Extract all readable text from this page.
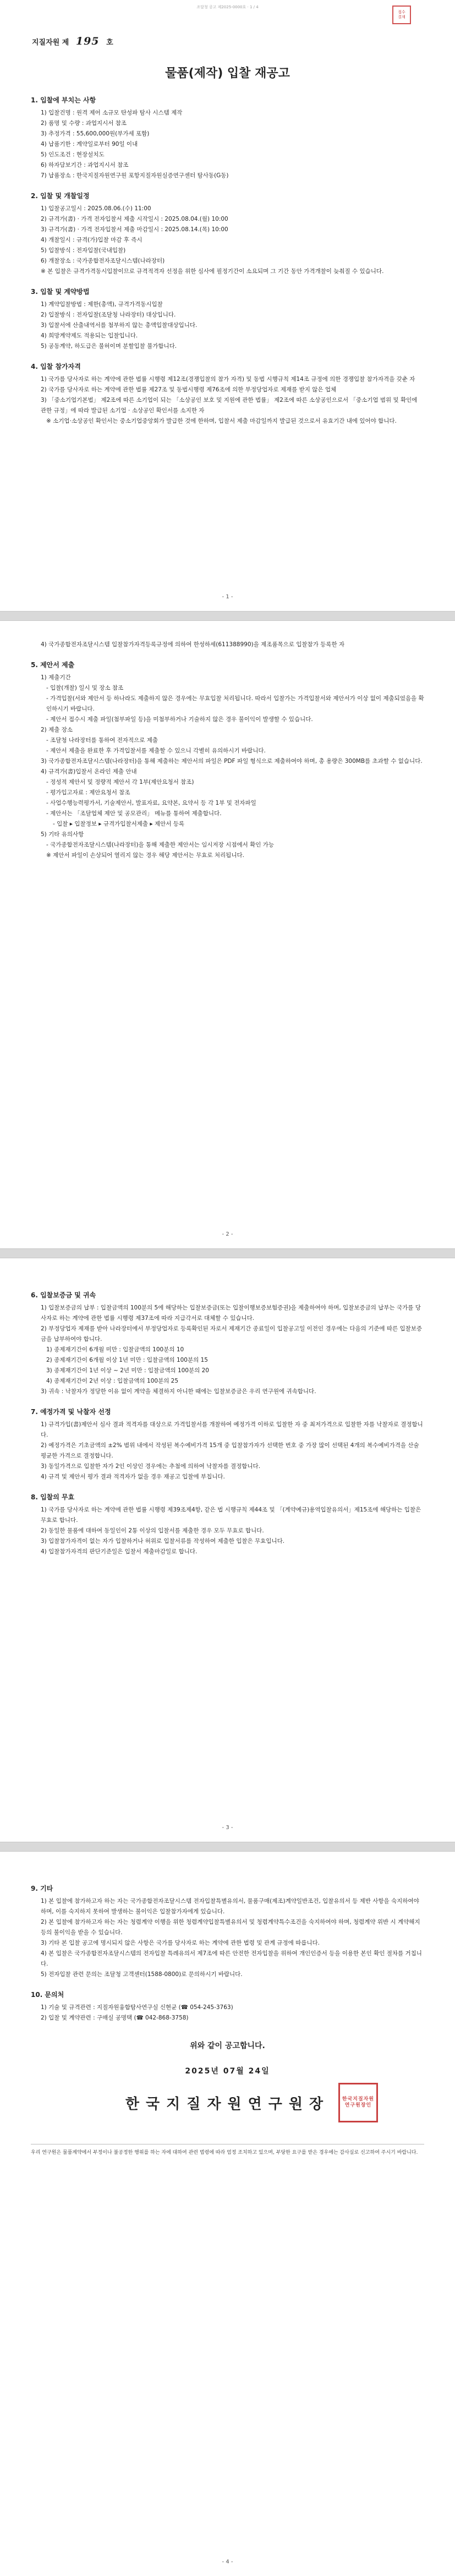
조달청 공고 제2025-0000호 · 1 / 4
접수
결재
지질자원 제 195 호
물품(제작) 입찰 재공고
1. 입찰에 부치는 사항
1) 입찰건명 : 원격 제어 소규모 탄성파 탐사 시스템 제작
2) 품명 및 수량 : 과업지시서 참조
3) 추정가격 : 55,600,000원(부가세 포함)
4) 납품기한 : 계약일로부터 90일 이내
5) 인도조건 : 현장설치도
6) 하자담보기간 : 과업지시서 참조
7) 납품장소 : 한국지질자원연구원 포항지질자원실증연구센터 탐사동(G동)
2. 입찰 및 개찰일정
1) 입찰공고일시 : 2025.08.06.(수) 11:00
2) 규격가(書) · 가격 전자입찰서 제출 시작일시 : 2025.08.04.(월) 10:00
3) 규격가(書) · 가격 전자입찰서 제출 마감일시 : 2025.08.14.(목) 10:00
4) 개찰일시 : 규격(가)입찰 마감 후 즉시
5) 입찰방식 : 전자입찰(국내입찰)
6) 개찰장소 : 국가종합전자조달시스템(나라장터)
※ 본 입찰은 규격가격동시입찰이므로 규격적격자 선정을 위한 심사에 필정기간이 소요되며 그 기간 동안 가격개찰이 늦춰질 수 있습니다.
3. 입찰 및 계약방법
1) 계약입찰방법 : 제한(총액), 규격가격동시입찰
2) 입찰방식 : 전자입찰(조달청 나라장터) 대상입니다.
3) 입찰서에 산출내역서를 첨부하지 않는 총액입찰대상입니다.
4) 희망계약제도 적용되는 입찰입니다.
5) 공동계약, 하도급은 불허이며 분할입찰 불가합니다.
4. 입찰 참가자격
1) 국가를 당사자로 하는 계약에 관한 법률 시행령 제12조(경쟁입찰의 참가 자격) 및 동법 시행규칙 제14조 규정에 의한 경쟁입찰 참가자격을 갖춘 자
2) 국가를 당사자로 하는 계약에 관한 법률 제27조 및 동법시행령 제76조에 의한 부정당업자로 제재를 받지 않은 업체
3) 「중소기업기본법」 제2조에 따른 소기업이 되는 「소상공인 보호 및 지원에 관한 법률」 제2조에 따른 소상공인으로서 「중소기업 범위 및 확인에 관한 규정」에 따라 발급된 소기업 · 소상공인 확인서를 소지한 자
※ 소기업·소상공인 확인서는 중소기업중앙회가 발급한 것에 한하며, 입찰서 제출 마감일까지 발급된 것으로서 유효기간 내에 있어야 합니다.
- 1 -
4) 국가종합전자조달시스템 입찰참가자격등록규정에 의하여 한성하세(611388990)을 제조품목으로 입찰참가 등록한 자
5. 제안서 제출
1) 제출기간
- 입찰(개찰) 일시 및 장소 참조
- 가격입찰(서와 제안서 등 하나라도 제출하지 않은 경우에는 무효입찰 처리됩니다. 따라서 입찰가는 가격입찰서와 제안서가 이상 없이 제출되었음을 확인하시기 바랍니다.
- 제안서 접수시 제출 파일(첨부파일 등)을 미첨부하거나 기술하지 않은 경우 불이익이 발생할 수 있습니다.
2) 제출 장소
- 조달청 나라장터를 통하여 전자적으로 제출
- 제안서 제출을 완료한 후 가격입찰서를 제출할 수 있으니 각별히 유의하시기 바랍니다.
3) 국가종합전자조달시스템(나라장터)을 통해 제출하는 제안서의 파일은 PDF 파일 형식으로 제출하여야 하며, 총 용량은 300MB를 초과할 수 없습니다.
4) 규격가(書)입찰서 온라인 제출 안내
- 정성적 제안서 및 정량적 제안서 각 1부(제안요청서 참조)
- 평가입고자료 : 제안요청서 참조
- 사업수행능력평가서, 기술제안서, 발표자료, 요약본, 요약서 등 각 1부 및 전자파일
- 제안서는 「조달업체 제안 및 공모관리」 메뉴를 통하여 제출합니다.
- 입찰 ▸ 입찰정보 ▸ 규격가입찰서제출 ▸ 제안서 등록
5) 기타 유의사항
- 국가종합전자조달시스템(나라장터)을 통해 제출한 제안서는 임시저장 시점에서 확인 가능
※ 제안서 파일이 손상되어 열리지 않는 경우 해당 제안서는 무효로 처리됩니다.
- 2 -
6. 입찰보증금 및 귀속
1) 입찰보증금의 납부 : 입찰금액의 100분의 5에 해당하는 입찰보증금(또는 입찰이행보증보험증권)을 제출하여야 하며, 입찰보증금의 납부는 국가를 당사자로 하는 계약에 관한 법률 시행령 제37조에 따라 지급각서로 대체할 수 있습니다.
2) 부정당업자 제재를 받아 나라장터에서 부정당업자로 등록확인된 자로서 제재기간 종료일이 입찰공고일 이전인 경우에는 다음의 기준에 따른 입찰보증금을 납부하여야 합니다.
1) 종제재기간이 6개월 미만 : 입찰금액의 100분의 10
2) 종제재기간이 6개월 이상 1년 미만 : 입찰금액의 100분의 15
3) 종제재기간이 1년 이상 ~ 2년 미만 : 입찰금액의 100분의 20
4) 종제재기간이 2년 이상 : 입찰금액의 100분의 25
3) 귀속 : 낙찰자가 정당한 이유 없이 계약을 체결하지 아니한 때에는 입찰보증금은 우리 연구원에 귀속합니다.
7. 예정가격 및 낙찰자 선정
1) 규격가입(書)제안서 심사 결과 적격자를 대상으로 가격입찰서를 개찰하여 예정가격 이하로 입찰한 자 중 최저가격으로 입찰한 자를 낙찰자로 결정합니다.
2) 예정가격은 기초금액의 ±2% 범위 내에서 작성된 복수예비가격 15개 중 입찰참가자가 선택한 번호 중 가장 많이 선택된 4개의 복수예비가격을 산술평균한 가격으로 결정합니다.
3) 동일가격으로 입찰한 자가 2인 이상인 경우에는 추첨에 의하여 낙찰자를 결정합니다.
4) 규격 및 제안서 평가 결과 적격자가 없을 경우 재공고 입찰에 부칩니다.
8. 입찰의 무효
1) 국가를 당사자로 하는 계약에 관한 법률 시행령 제39조제4항, 같은 법 시행규칙 제44조 및 「(계약예규)용역입찰유의서」제15조에 해당하는 입찰은 무효로 합니다.
2) 동일한 물품에 대하여 동일인이 2통 이상의 입찰서를 제출한 경우 모두 무효로 합니다.
3) 입찰참가자격이 없는 자가 입찰하거나 허위로 입찰서류를 작성하여 제출한 입찰은 무효입니다.
4) 입찰참가자격의 판단기준일은 입찰서 제출마감일로 합니다.
- 3 -
9. 기타
1) 본 입찰에 참가하고자 하는 자는 국가종합전자조달시스템 전자입찰특별유의서, 물품구매(제조)계약일반조건, 입찰유의서 등 제반 사항을 숙지하여야 하며, 이를 숙지하지 못하여 발생하는 불이익은 입찰참가자에게 있습니다.
2) 본 입찰에 참가하고자 하는 자는 청렴계약 이행을 위한 청렴계약입찰특별유의서 및 청렴계약특수조건을 숙지하여야 하며, 청렴계약 위반 시 계약해지 등의 불이익을 받을 수 있습니다.
3) 기타 본 입찰 공고에 명시되지 않은 사항은 국가를 당사자로 하는 계약에 관한 법령 및 관계 규정에 따릅니다.
4) 본 입찰은 국가종합전자조달시스템의 전자입찰 특례유의서 제7조에 따른 안전한 전자입찰을 위하여 개인인증서 등을 이용한 본인 확인 절차를 거칩니다.
5) 전자입찰 관련 문의는 조달청 고객센터(1588-0800)로 문의하시기 바랍니다.
10. 문의처
1) 기술 및 규격관련 : 지질자원융합탐사연구실 신현균 (☎ 054-245-3763)
2) 입찰 및 계약관련 : 구매실 공명택 (☎ 042-868-3758)
위와 같이 공고합니다.
2025년 07월 24일
한국지질자원연구원장	한국지질자원연구원장인
우리 연구원은 물품계약에서 부정이나 불공정한 행위를 하는 자에 대하여 관련 법령에 따라 엄정 조치하고 있으며, 부당한 요구를 받은 경우에는 감사실로 신고하여 주시기 바랍니다.
- 4 -
